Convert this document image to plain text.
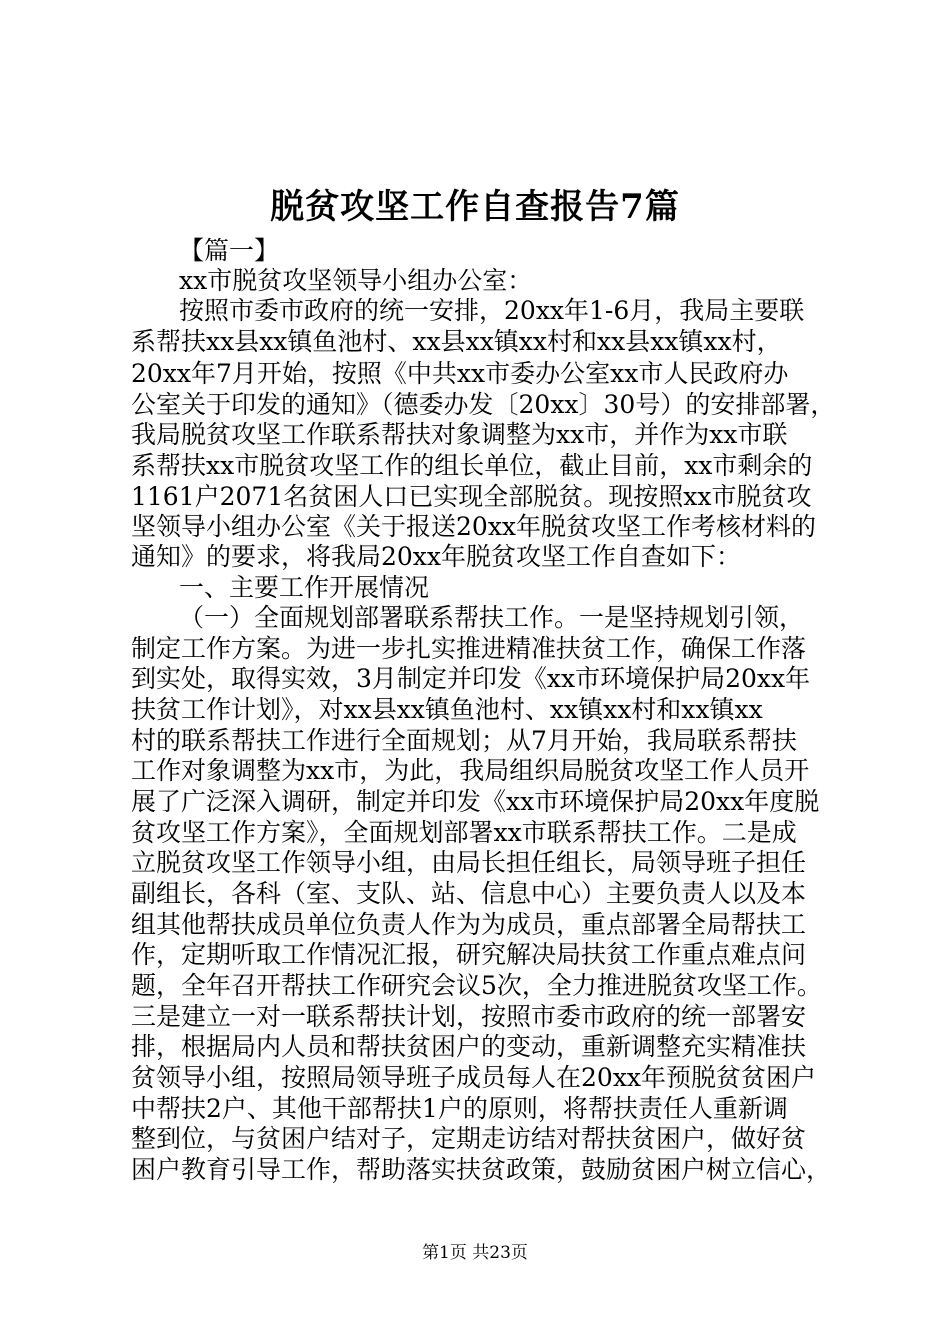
脱贫攻坚工作自查报告7篇
【篇一】
xx市脱贫攻坚领导小组办公室：
按照市委市政府的统一安排，20xx年1-6月，我局主要联
系帮扶xx县xx镇鱼池村、xx县xx镇xx村和xx县xx镇xx村，
20xx年7月开始，按照《中共xx市委办公室xx市人民政府办
公室关于印发的通知》（德委办发〔20xx〕30号）的安排部署，
我局脱贫攻坚工作联系帮扶对象调整为xx市，并作为xx市联
系帮扶xx市脱贫攻坚工作的组长单位，截止目前，xx市剩余的
1161户2071名贫困人口已实现全部脱贫。现按照xx市脱贫攻
坚领导小组办公室《关于报送20xx年脱贫攻坚工作考核材料的
通知》的要求，将我局20xx年脱贫攻坚工作自查如下：
一、主要工作开展情况
（一）全面规划部署联系帮扶工作。一是坚持规划引领，
制定工作方案。为进一步扎实推进精准扶贫工作，确保工作落
到实处，取得实效，3月制定并印发《xx市环境保护局20xx年
扶贫工作计划》，对xx县xx镇鱼池村、xx镇xx村和xx镇xx
村的联系帮扶工作进行全面规划；从7月开始，我局联系帮扶
工作对象调整为xx市，为此，我局组织局脱贫攻坚工作人员开
展了广泛深入调研，制定并印发《xx市环境保护局20xx年度脱
贫攻坚工作方案》，全面规划部署xx市联系帮扶工作。二是成
立脱贫攻坚工作领导小组，由局长担任组长，局领导班子担任
副组长，各科（室、支队、站、信息中心）主要负责人以及本
组其他帮扶成员单位负责人作为为成员，重点部署全局帮扶工
作，定期听取工作情况汇报，研究解决局扶贫工作重点难点问
题，全年召开帮扶工作研究会议5次，全力推进脱贫攻坚工作。
三是建立一对一联系帮扶计划，按照市委市政府的统一部署安
排，根据局内人员和帮扶贫困户的变动，重新调整充实精准扶
贫领导小组，按照局领导班子成员每人在20xx年预脱贫贫困户
中帮扶2户、其他干部帮扶1户的原则，将帮扶责任人重新调
整到位，与贫困户结对子，定期走访结对帮扶贫困户，做好贫
困户教育引导工作，帮助落实扶贫政策，鼓励贫困户树立信心，
第1页 共23页
